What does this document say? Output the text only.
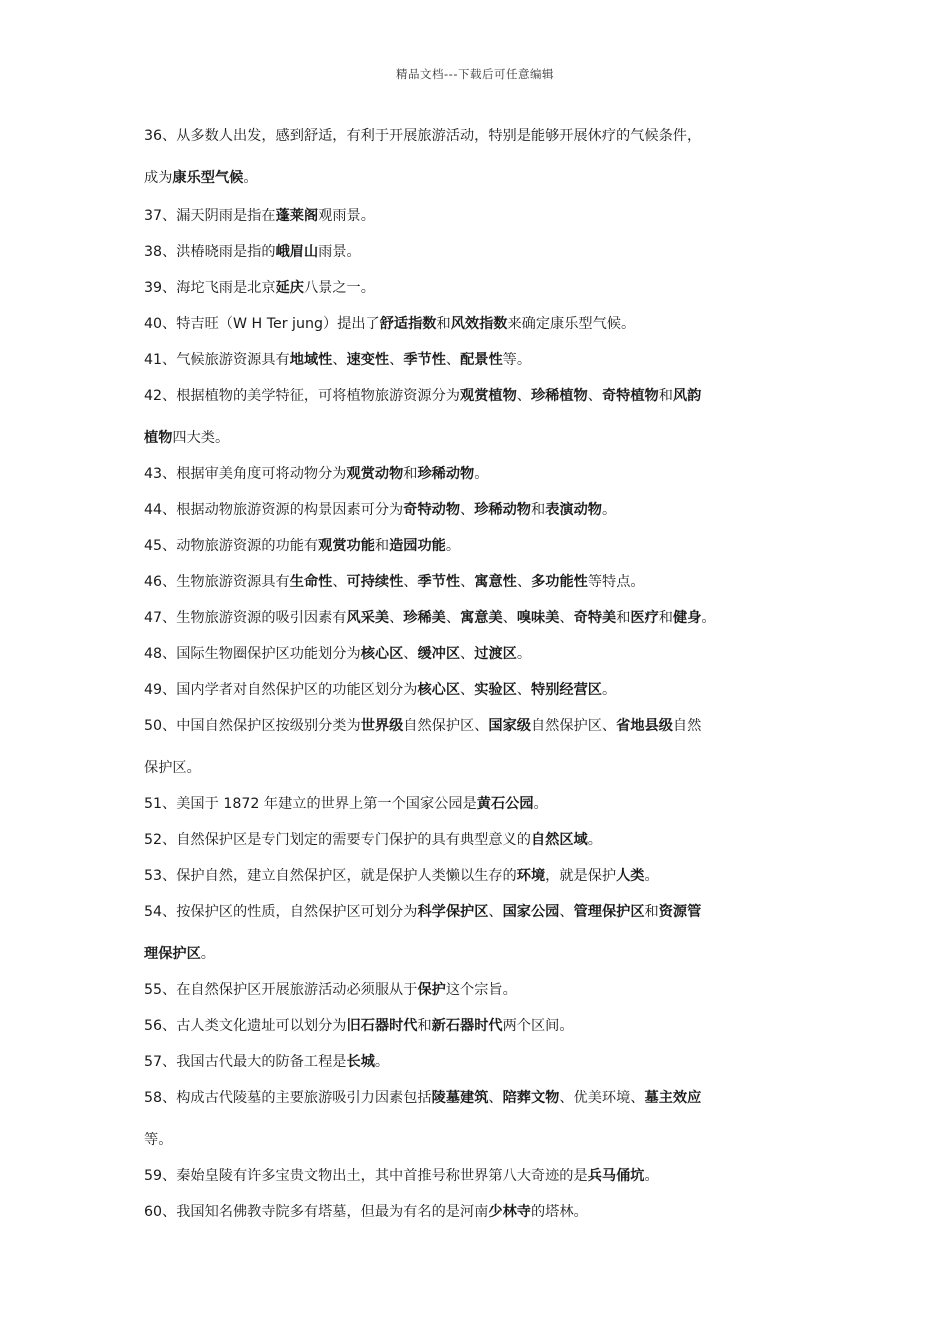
精品文档---下载后可任意编辑
36、从多数人出发，感到舒适，有利于开展旅游活动，特别是能够开展休疗的气候条件，
成为康乐型气候。
37、漏天阴雨是指在蓬莱阁观雨景。
38、洪椿晓雨是指的峨眉山雨景。
39、海坨飞雨是北京延庆八景之一。
40、特吉旺（W H Ter jung）提出了舒适指数和风效指数来确定康乐型气候。
41、气候旅游资源具有地域性、速变性、季节性、配景性等。
42、根据植物的美学特征，可将植物旅游资源分为观赏植物、珍稀植物、奇特植物和风韵
植物四大类。
43、根据审美角度可将动物分为观赏动物和珍稀动物。
44、根据动物旅游资源的构景因素可分为奇特动物、珍稀动物和表演动物。
45、动物旅游资源的功能有观赏功能和造园功能。
46、生物旅游资源具有生命性、可持续性、季节性、寓意性、多功能性等特点。
47、生物旅游资源的吸引因素有风采美、珍稀美、寓意美、嗅味美、奇特美和医疗和健身。
48、国际生物圈保护区功能划分为核心区、缓冲区、过渡区。
49、国内学者对自然保护区的功能区划分为核心区、实验区、特别经营区。
50、中国自然保护区按级别分类为世界级自然保护区、国家级自然保护区、省地县级自然
保护区。
51、美国于 1872 年建立的世界上第一个国家公园是黄石公园。
52、自然保护区是专门划定的需要专门保护的具有典型意义的自然区域。
53、保护自然，建立自然保护区，就是保护人类懒以生存的环境，就是保护人类。
54、按保护区的性质，自然保护区可划分为科学保护区、国家公园、管理保护区和资源管
理保护区。
55、在自然保护区开展旅游活动必须服从于保护这个宗旨。
56、古人类文化遗址可以划分为旧石器时代和新石器时代两个区间。
57、我国古代最大的防备工程是长城。
58、构成古代陵墓的主要旅游吸引力因素包括陵墓建筑、陪葬文物、优美环境、墓主效应
等。
59、秦始皇陵有许多宝贵文物出土，其中首推号称世界第八大奇迹的是兵马俑坑。
60、我国知名佛教寺院多有塔墓，但最为有名的是河南少林寺的塔林。
